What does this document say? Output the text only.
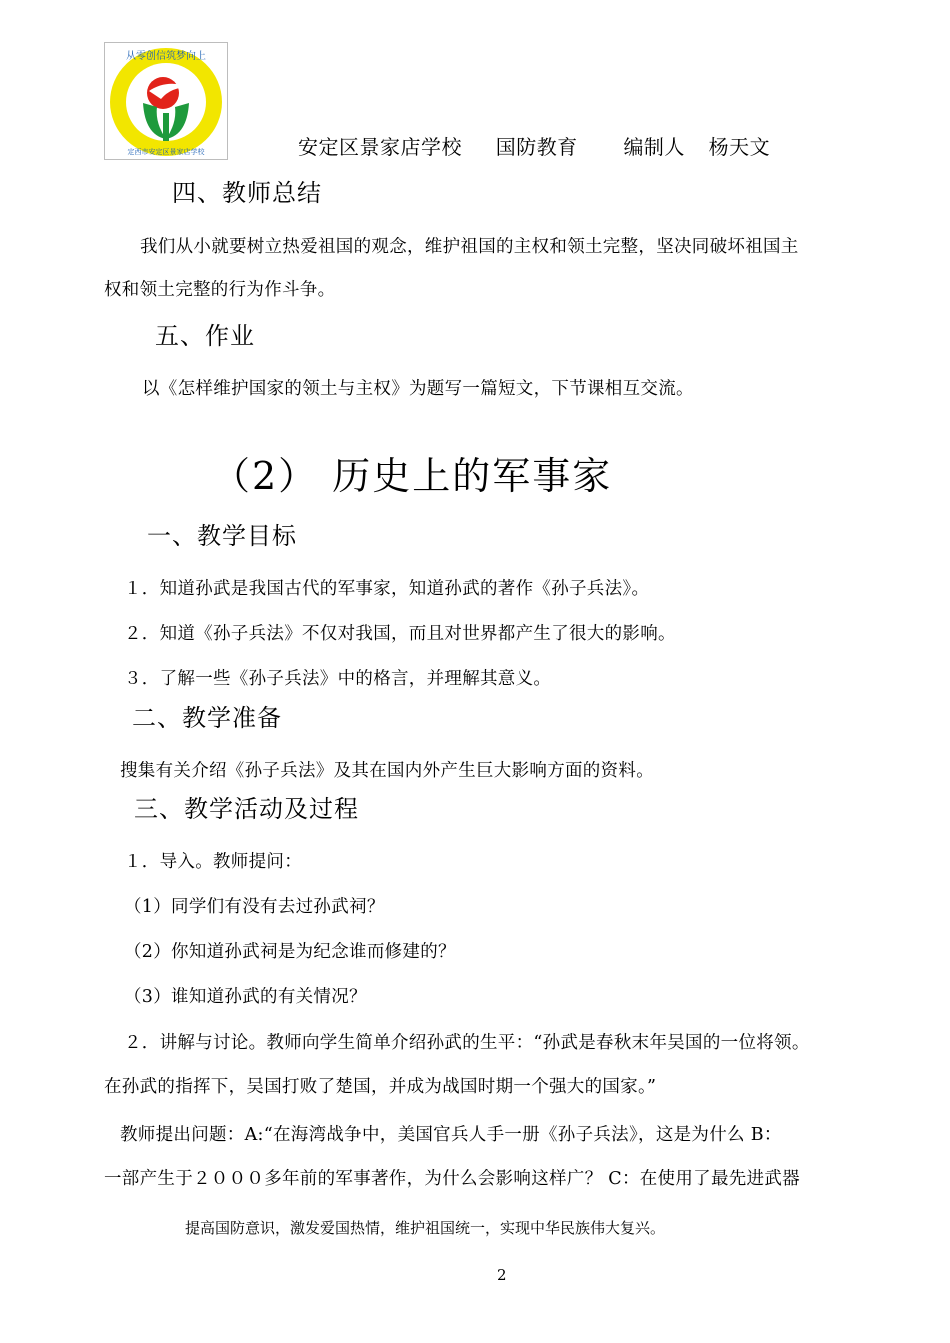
从零创信筑梦向上
定西市安定区景家店学校	安定区景家店学校 国防教育 编制人 杨天文
四、教师总结
我们从小就要树立热爱祖国的观念，维护祖国的主权和领土完整，坚决同破坏祖国主
权和领土完整的行为作斗争。
五、作业
以《怎样维护国家的领土与主权》为题写一篇短文，下节课相互交流。
（2） 历史上的军事家
一、教学目标
１．知道孙武是我国古代的军事家，知道孙武的著作《孙子兵法》。
２．知道《孙子兵法》不仅对我国，而且对世界都产生了很大的影响。
３．了解一些《孙子兵法》中的格言，并理解其意义。
二、教学准备
搜集有关介绍《孙子兵法》及其在国内外产生巨大影响方面的资料。
三、教学活动及过程
１．导入。教师提问：
（1）同学们有没有去过孙武祠？
（2）你知道孙武祠是为纪念谁而修建的？
（3）谁知道孙武的有关情况？
２．讲解与讨论。教师向学生简单介绍孙武的生平：“孙武是春秋末年吴国的一位将领。
在孙武的指挥下，吴国打败了楚国，并成为战国时期一个强大的国家。”
教师提出问题：A:“在海湾战争中，美国官兵人手一册《孙子兵法》，这是为什么 B：
一部产生于２０００多年前的军事著作，为什么会影响这样广？ C：在使用了最先进武器
提高国防意识，激发爱国热情，维护祖国统一，实现中华民族伟大复兴。
2
